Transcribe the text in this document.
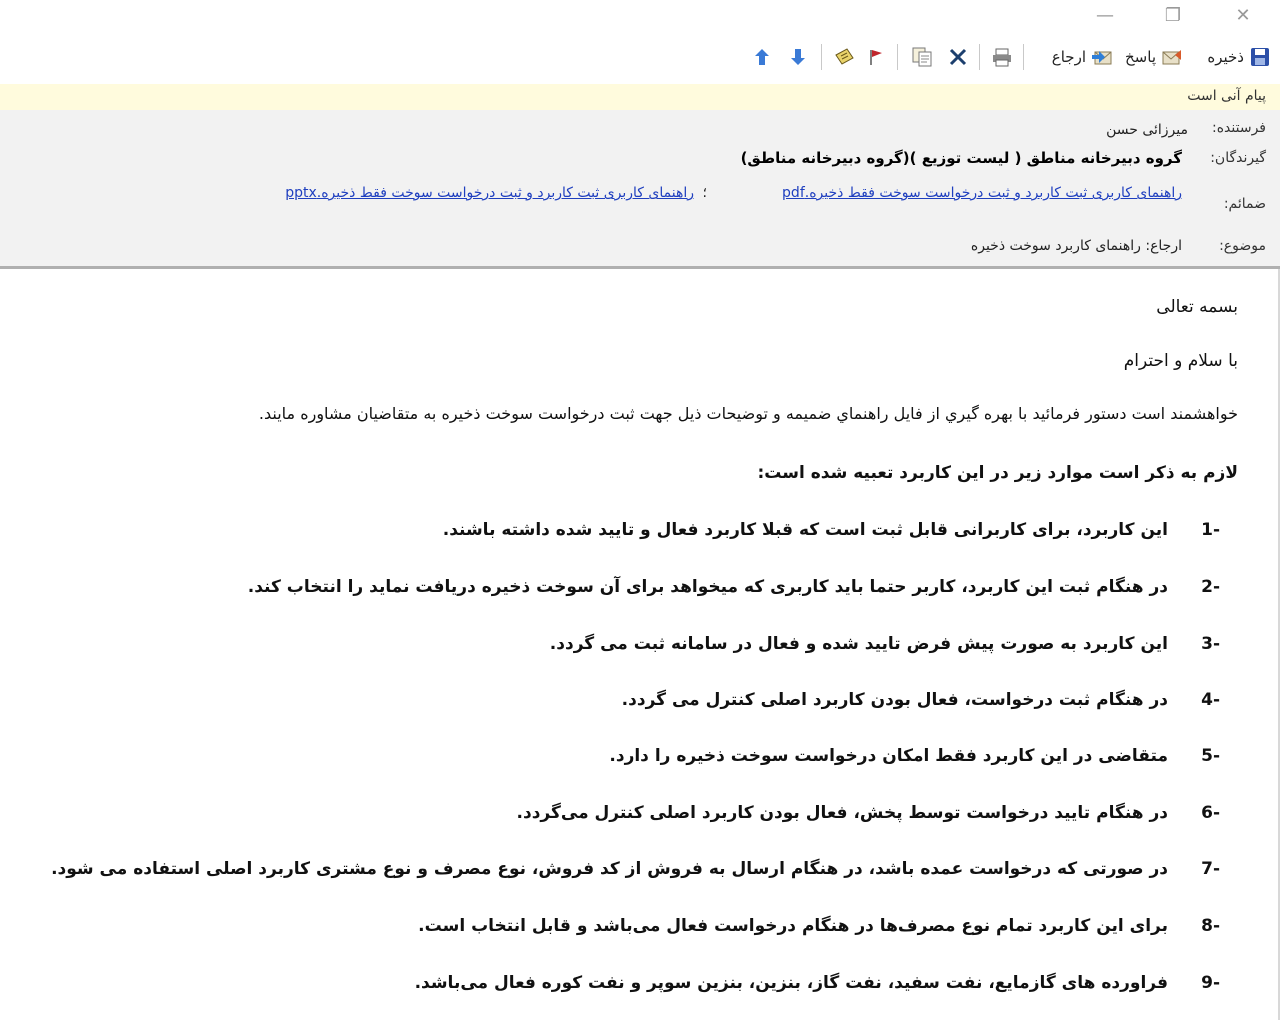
—	❐	✕
ذخیره
پاسخ
ارجاع
پیام آنی است
فرستنده:
میرزائی حسن
گیرندگان:
گروه دبیرخانه مناطق ( لیست توزیع )(گروه دبیرخانه مناطق)
ضمائم:
راهنمای کاربری ثبت کاربرد و ثبت درخواست سوخت فقط ذخیره.pdf
؛
راهنمای کاربری ثبت کاربرد و ثبت درخواست سوخت فقط ذخیره.pptx
موضوع:
ارجاع: راهنمای کاربرد سوخت ذخیره
بسمه تعالی
با سلام و احترام
خواهشمند است دستور فرمائيد با بهره گيري از فايل راهنماي ضميمه و توضيحات ذيل جهت ثبت درخواست سوخت ذخيره به متقاضيان مشاوره مايند.
لازم به ذکر است موارد زیر در این کاربرد تعبیه شده است:
-1
این کاربرد، برای کاربرانی قابل ثبت است که قبلا کاربرد فعال و تایید شده داشته باشند.
-2
در هنگام ثبت این کاربرد، کاربر حتما باید کاربری که میخواهد برای آن سوخت ذخیره دریافت نماید را انتخاب کند.
-3
این کاربرد به صورت پیش فرض تایید شده و فعال در سامانه ثبت می گردد.
-4
در هنگام ثبت درخواست، فعال بودن کاربرد اصلی کنترل می گردد.
-5
متقاضی در این کاربرد فقط امکان درخواست سوخت ذخیره را دارد.
-6
در هنگام تایید درخواست توسط پخش، فعال بودن کاربرد اصلی کنترل می‌گردد.
-7
در صورتی که درخواست عمده باشد، در هنگام ارسال به فروش از کد فروش، نوع مصرف و نوع مشتری کاربرد اصلی استفاده می شود.
-8
برای این کاربرد تمام نوع مصرف‌ها در هنگام درخواست فعال می‌باشد و قابل انتخاب است.
-9
فراورده های گازمایع، نفت سفید، نفت گاز، بنزین، بنزین سوپر و نفت کوره فعال می‌باشد.
